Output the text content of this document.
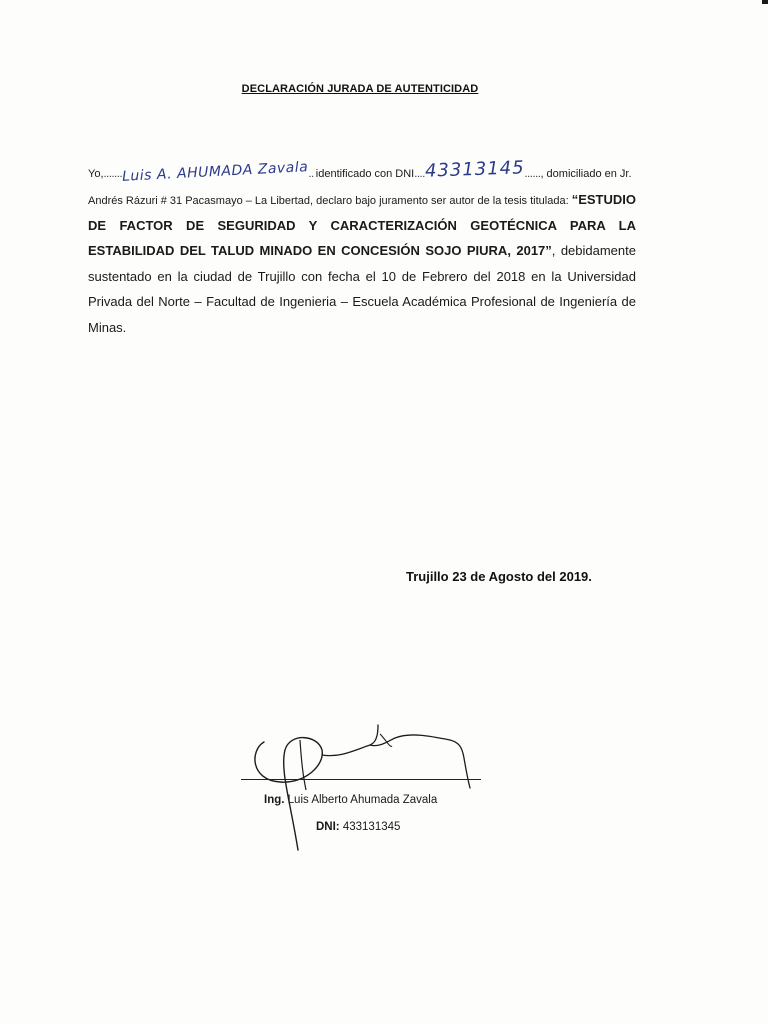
DECLARACIÓN JURADA DE AUTENTICIDAD
Yo, ....... Luis A. AHUMADA Zavala .. identificado con DNI .... 43313145 ...... , domiciliado en Jr.
Andrés Rázuri # 31 Pacasmayo – La Libertad, declaro bajo juramento ser autor de la tesis titulada: “ESTUDIO DE FACTOR DE SEGURIDAD Y CARACTERIZACIÓN GEOTÉCNICA PARA LA ESTABILIDAD DEL TALUD MINADO EN CONCESIÓN SOJO PIURA, 2017”, debidamente sustentado en la ciudad de Trujillo con fecha el 10 de Febrero del 2018 en la Universidad Privada del Norte – Facultad de Ingenieria – Escuela Académica Profesional de Ingeniería de Minas.
Trujillo 23 de Agosto del 2019.
Ing. Luis Alberto Ahumada Zavala
DNI: 433131345
